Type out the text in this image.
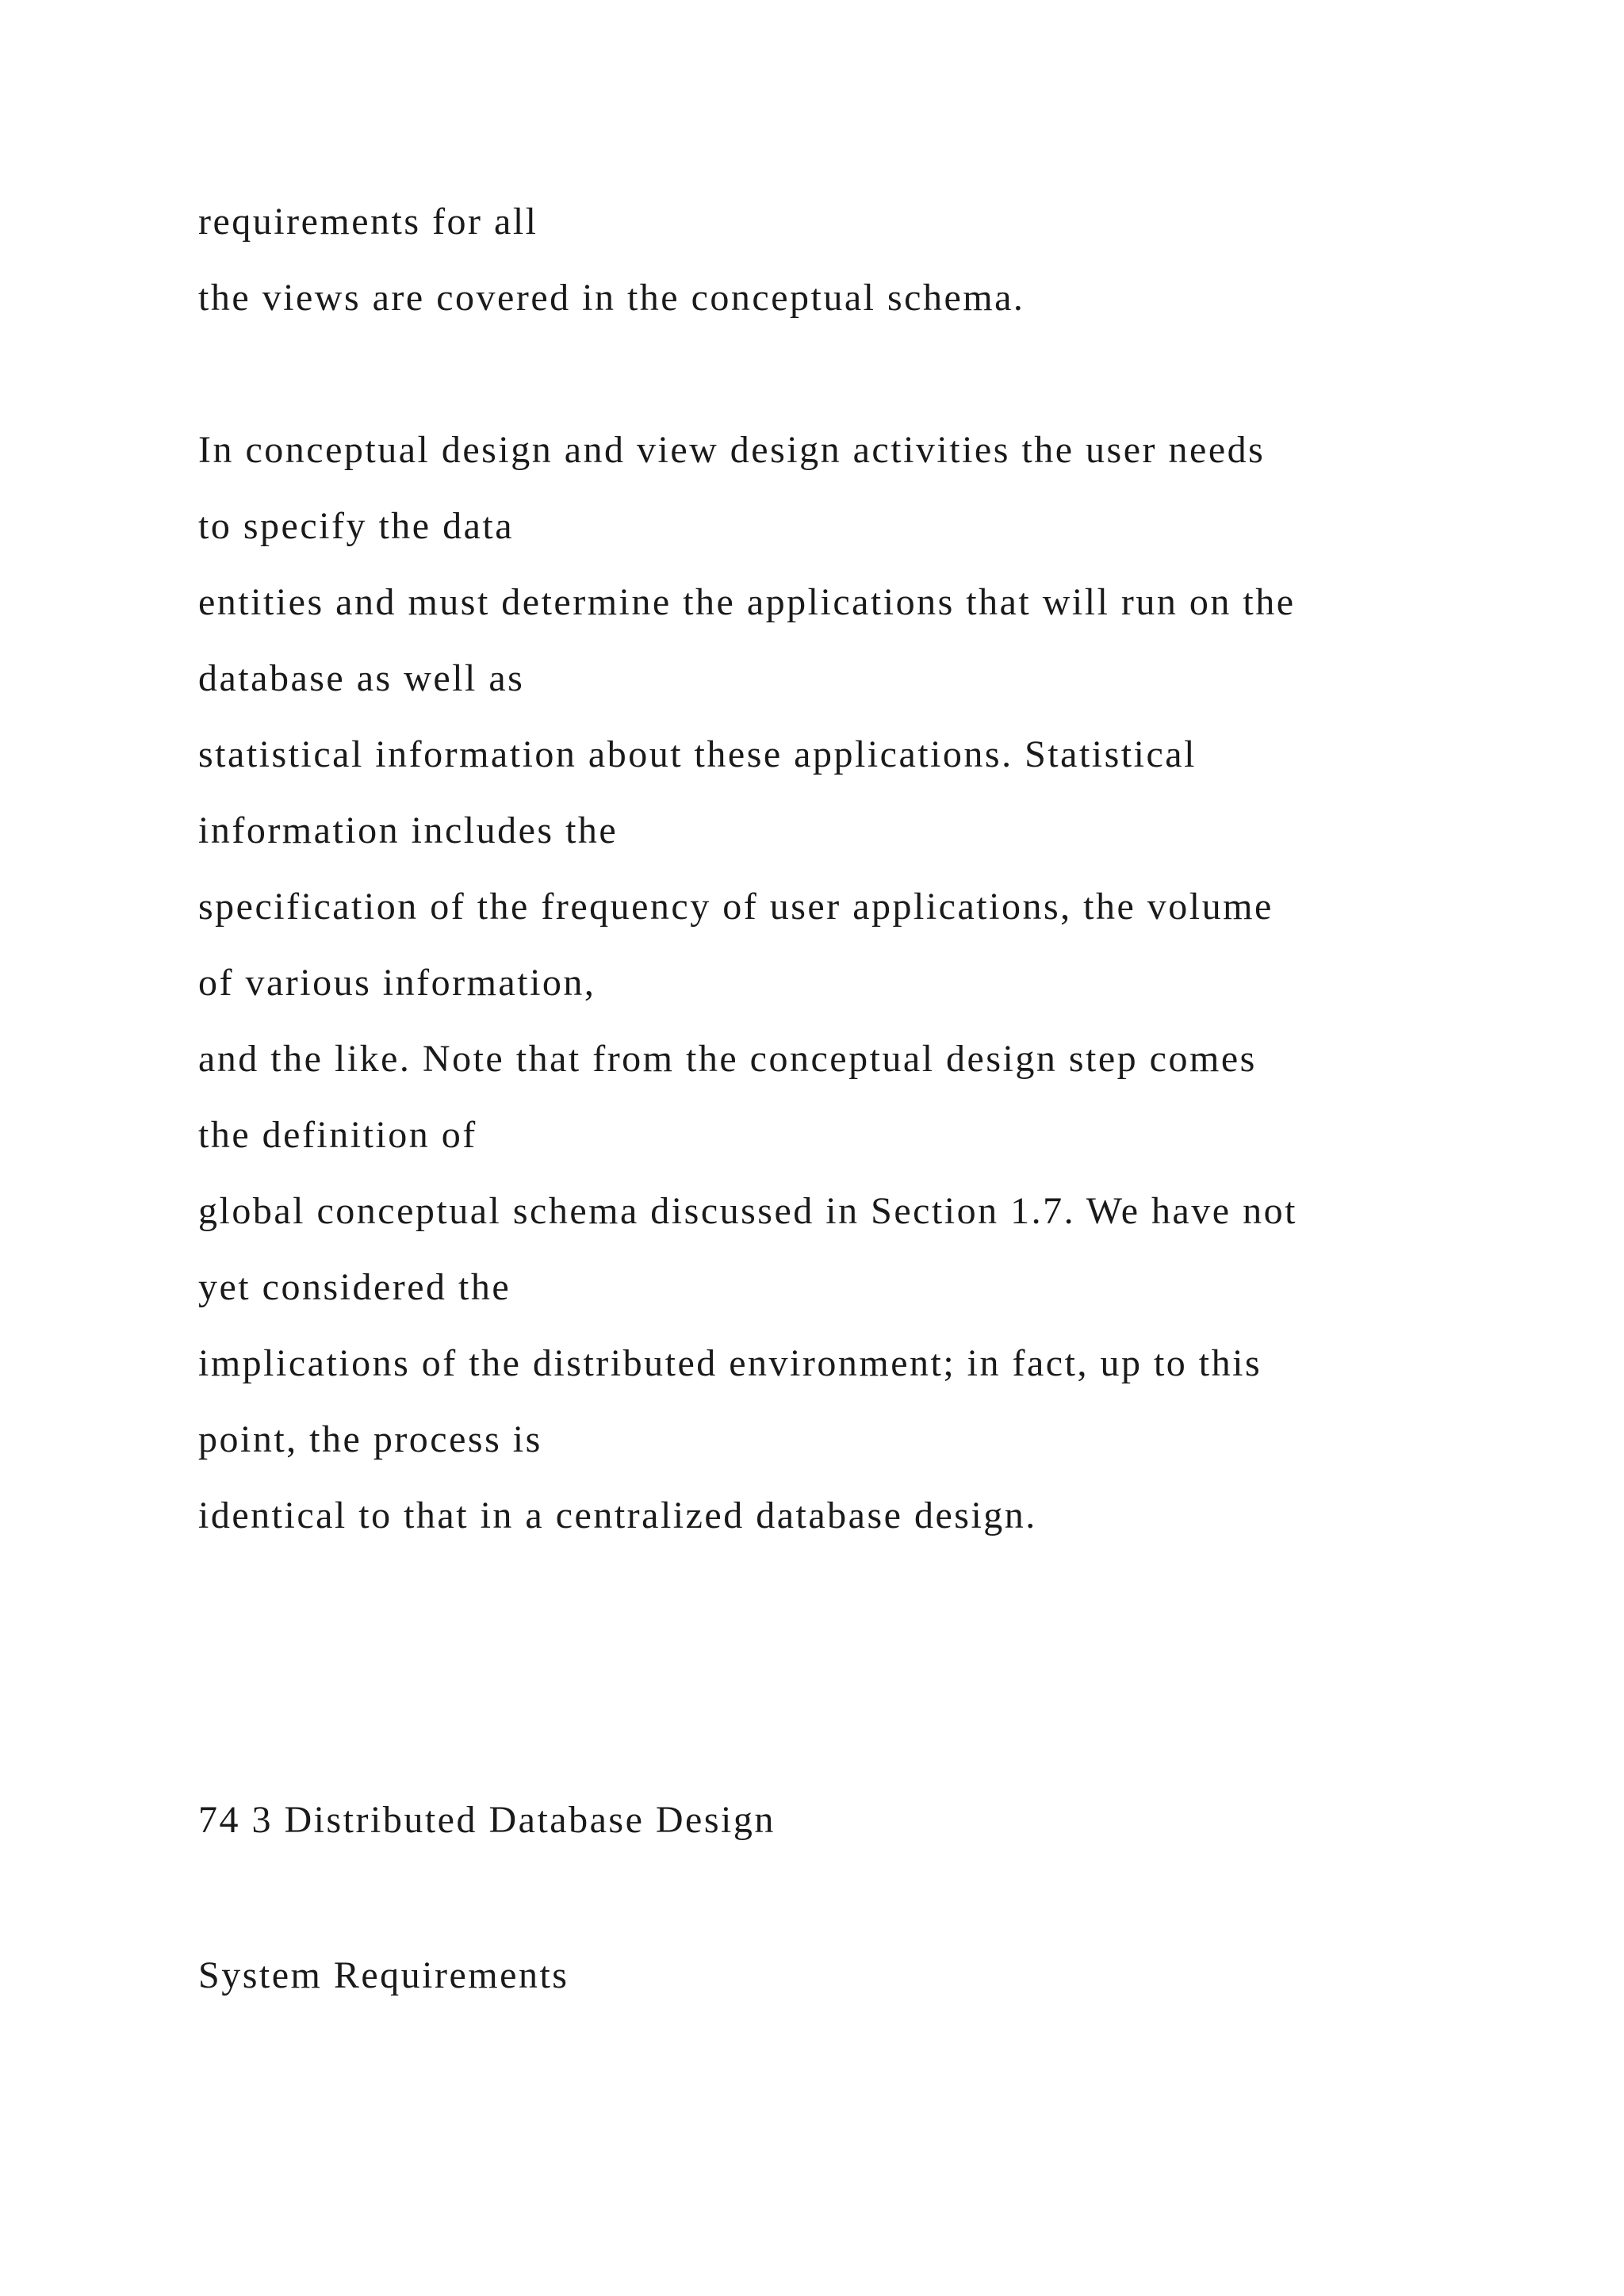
requirements for all

the views are covered in the conceptual schema.

In conceptual design and view design activities the user needs

to specify the data

entities and must determine the applications that will run on the

database as well as

statistical information about these applications. Statistical

information includes the

specification of the frequency of user applications, the volume

of various information,

and the like. Note that from the conceptual design step comes

the definition of

global conceptual schema discussed in Section 1.7. We have not

yet considered the

implications of the distributed environment; in fact, up to this

point, the process is

identical to that in a centralized database design.

74 3 Distributed Database Design

System Requirements
